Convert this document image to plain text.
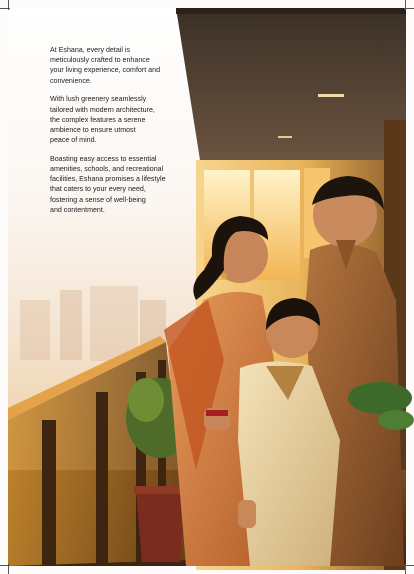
At Eshana, every detail is
meticulously crafted to enhance
your living experience, comfort and
convenience.

With lush greenery seamlessly
tailored with modern architecture,
the complex features a serene
ambience to ensure utmost
peace of mind.

Boasting easy access to essential
amenities, schools, and recreational
facilities, Eshana promises a lifestyle
that caters to your every need,
fostering a sense of well-being
and contentment.
